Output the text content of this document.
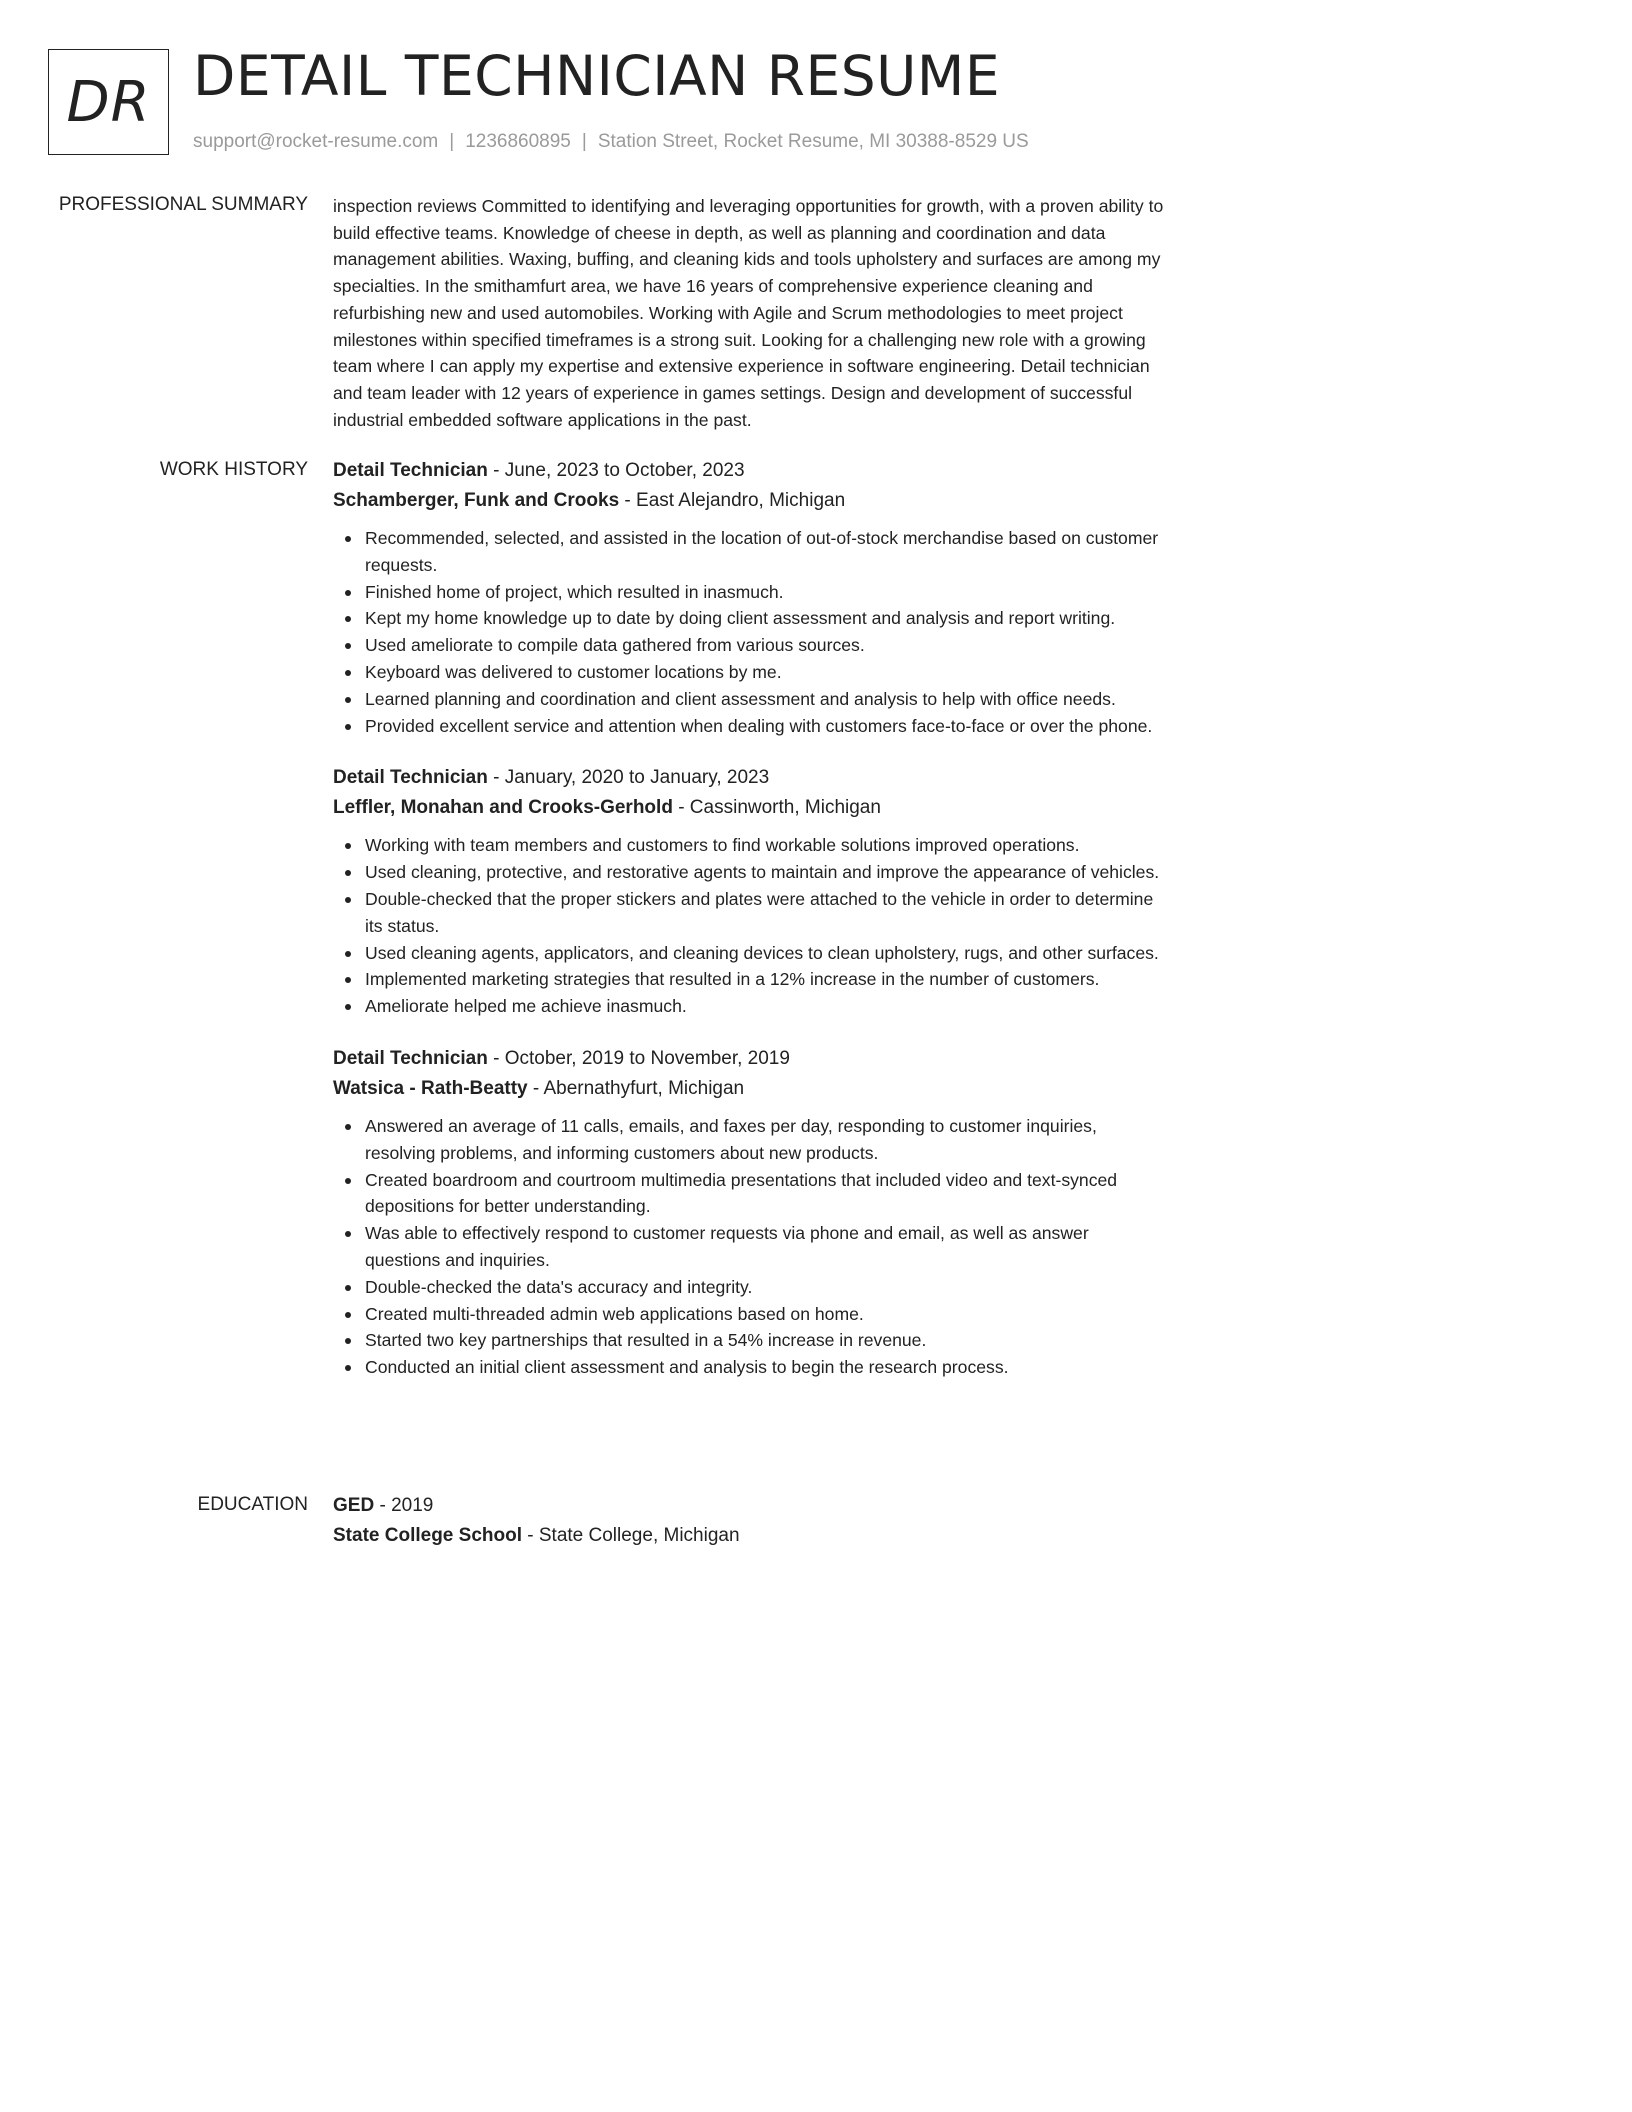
DR DETAIL TECHNICIAN RESUME
support@rocket-resume.com | 1236860895 | Station Street, Rocket Resume, MI 30388-8529 US
PROFESSIONAL SUMMARY inspection reviews Committed to identifying and leveraging opportunities for growth, with a proven ability to build effective teams. Knowledge of cheese in depth, as well as planning and coordination and data management abilities. Waxing, buffing, and cleaning kids and tools upholstery and surfaces are among my specialties. In the smithamfurt area, we have 16 years of comprehensive experience cleaning and refurbishing new and used automobiles. Working with Agile and Scrum methodologies to meet project milestones within specified timeframes is a strong suit. Looking for a challenging new role with a growing team where I can apply my expertise and extensive experience in software engineering. Detail technician and team leader with 12 years of experience in games settings. Design and development of successful industrial embedded software applications in the past.

WORK HISTORY Detail Technician - June, 2023 to October, 2023
Schamberger, Funk and Crooks - East Alejandro, Michigan
Recommended, selected, and assisted in the location of out-of-stock merchandise based on customer requests.
Finished home of project, which resulted in inasmuch.
Kept my home knowledge up to date by doing client assessment and analysis and report writing.
Used ameliorate to compile data gathered from various sources.
Keyboard was delivered to customer locations by me.
Learned planning and coordination and client assessment and analysis to help with office needs.
Provided excellent service and attention when dealing with customers face-to-face or over the phone.
Detail Technician - January, 2020 to January, 2023
Leffler, Monahan and Crooks-Gerhold - Cassinworth, Michigan
Working with team members and customers to find workable solutions improved operations.
Used cleaning, protective, and restorative agents to maintain and improve the appearance of vehicles.
Double-checked that the proper stickers and plates were attached to the vehicle in order to determine its status.
Used cleaning agents, applicators, and cleaning devices to clean upholstery, rugs, and other surfaces.
Implemented marketing strategies that resulted in a 12% increase in the number of customers.
Ameliorate helped me achieve inasmuch.
Detail Technician - October, 2019 to November, 2019
Watsica - Rath-Beatty - Abernathyfurt, Michigan
Answered an average of 11 calls, emails, and faxes per day, responding to customer inquiries, resolving problems, and informing customers about new products.
Created boardroom and courtroom multimedia presentations that included video and text-synced depositions for better understanding.
Was able to effectively respond to customer requests via phone and email, as well as answer questions and inquiries.
Double-checked the data's accuracy and integrity.
Created multi-threaded admin web applications based on home.
Started two key partnerships that resulted in a 54% increase in revenue.
Conducted an initial client assessment and analysis to begin the research process.
EDUCATION GED - 2019
State College School - State College, Michigan
